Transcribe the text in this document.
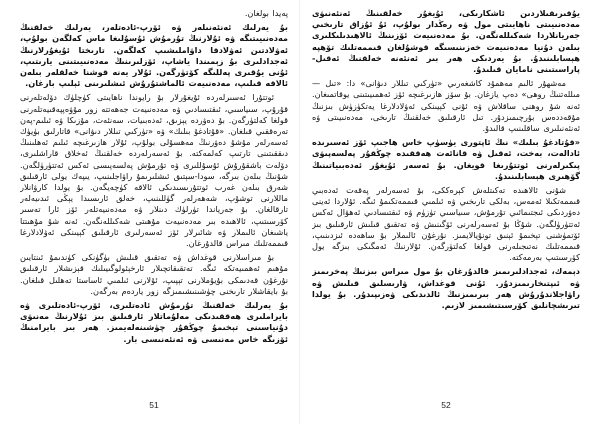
پەيدا بولغان.

بۇ يەرلىك ئەنئەنىلەر ۋە ئۆرپ-ئادەتلەر، يەرلىك خەلقنىڭ مەدەنىيىتىگە ۋە ئۇلارنىڭ تۇرمۇش ئۇسۇلىغا ماس كەلگەن بولۇپ، ئەۋلادتىن ئەۋلادقا داۋاملىشىپ كەلگەن. تارىختا ئۇيغۇرلارنىڭ ئەجدادلىرى بۇ زېمىندا ياشاپ، ئۆزلىرىنىڭ مەدەنىيىتىنى يارىتىپ، ئۇنى يۇقىرى پەللىگە كۆتۈرگەن. ئۇلار يەنە قوشنا خەلقلەر بىلەن ئالاقە قىلىپ، مەدەنىيەت ئالماشتۇرۇش ئىشلىرىنى ئېلىپ بارغان.

ئوتتۇرا ئەسىرلەردە ئۇيغۇرلار بۇ رايوندا ناھايىتى كۈچلۈك دۆلەتلەرنى قۇرۇپ، سىياسىي، ئىقتىسادىي ۋە مەدەنىيەت جەھەتتە زور مۇۋەپپەقىيەتلەرنى قولغا كەلتۈرگەن. بۇ دەۋردە يېزىق، ئەدەبىيات، سەنئەت، مۇزىكا ۋە ئىلىم-پەن تەرەققىي قىلغان. «قۇتادغۇ بىلىك» ۋە «تۈركىي تىللار دىۋانى» قاتارلىق بۈيۈك ئەسەرلەر مۇشۇ دەۋرنىڭ مەھسۇلى بولۇپ، ئۇلار ھازىرغىچە ئىلىم ئەھلىنىڭ دىققىتىنى تارتىپ كەلمەكتە. بۇ ئەسەرلەردە خەلقنىڭ ئەخلاق قاراشلىرى، دۆلەت باشقۇرۇش ئۇسۇللىرى ۋە تۇرمۇش پەلسەپىسى ئەكس ئەتتۈرۈلگەن. شۇنىڭ بىلەن بىرگە، سودا-سېتىق ئىشلىرىمۇ راۋاجلىنىپ، يىپەك يولى ئارقىلىق شەرق بىلەن غەرب ئوتتۇرىسىدىكى ئالاقە كۈچەيگەن. بۇ يولدا كارۋانلار ماللارنى توشۇپ، شەھەرلەر گۈللىنىپ، خەلق ئارىسىدا يېڭى ئىدىيەلەر تارقالغان. بۇ جەرياندا تۈرلۈك دىنلار ۋە مەدەنىيەتلەر ئۆز ئارا تەسىر كۆرسىتىپ، ئالاھىدە بىر مەدەنىيەت مۇھىتى شەكىللەنگەن. ئەنە شۇ مۇھىتتا ياشىغان ئالىملار ۋە شائىرلار ئۆز ئەسەرلىرى ئارقىلىق كېيىنكى ئەۋلادلارغا قىممەتلىك مىراس قالدۇرغان.

بۇ مىراسلارنى قوغداش ۋە تەتقىق قىلىش بۈگۈنكى كۈندىمۇ ئىنتايىن مۇھىم ئەھمىيەتكە ئىگە. تەتقىقاتچىلار ئارخېئولوگىيىلىك قېزىشلار ئارقىلىق نۇرغۇن قەدىمكى بۇيۇملارنى تېپىپ، ئۇلارنى ئىلمىي ئاساستا تەھلىل قىلغان. بۇ بايقاشلار تارىخنى چۈشىنىشىمىزگە زور ياردەم بەرگەن.

بۇ يەرلىك خەلقنىڭ تۇرمۇش ئادەتلىرى، ئۆرپ-ئادەتلىرى ۋە بايراملىرى ھەققىدىكى مەلۇماتلار ئارقىلىق بىز ئۇلارنىڭ مەنىۋى دۇنياسىنى تېخىمۇ چوڭقۇر چۈشىنەلەيمىز. ھەر بىر بايرامنىڭ ئۆزىگە خاس مەنىسى ۋە ئەنئەنىسى بار.

51

يۇقىرىقىلاردىن ئاشكارىكى، ئۇيغۇر خەلقىنىڭ ئەنئەنىۋى مەدەنىيىتى ناھايىتى مول ۋە رەڭدار بولۇپ، ئۇ ئۇزاق تارىخىي جەريانلاردا شەكىللەنگەن. بۇ مەدەنىيەت ئۆزىنىڭ ئالاھىدىلىكلىرى بىلەن دۇنيا مەدەنىيەت خەزىنىسىگە قوشۇلغان قىممەتلىك تۆھپە ھېسابلىنىدۇ. بۇ يەردىكى ھەر بىر ئەنئەنە خەلقنىڭ ئەقىل-پاراسىتىنى نامايان قىلىدۇ.

مەشھۇر ئالىم مەھمۇد كاشغەرىي «تۈركىي تىللار دىۋانى» دا: «تىل — مىللەتنىڭ روھى» دەپ يازغان. بۇ سۆز ھازىرغىچە ئۆز ئەھمىيىتىنى يوقاتمىغان. ئەنە شۇ روھنى ساقلاش ۋە ئۇنى كېيىنكى ئەۋلادلارغا يەتكۈزۈش بىزنىڭ مۇقەددەس بۇرچىمىزدۇر. تىل ئارقىلىق خەلقنىڭ تارىخى، مەدەنىيىتى ۋە ئەنئەنىلىرى ساقلىنىپ قالىدۇ.

«قۇتادغۇ بىلىك» نىڭ ئاپتورى يۈسۈپ خاس ھاجىپ ئۆز ئەسىرىدە ئادالەت، بەخت، ئەقىل ۋە قانائەت ھەققىدە چوڭقۇر پەلسەپىۋى پىكىرلەرنى ئوتتۇرىغا قويغان. بۇ ئەسەر ئۇيغۇر ئەدەبىياتىنىڭ گۆھىرى ھېسابلىنىدۇ.

شۇنى ئالاھىدە تەكىتلەش كېرەككى، بۇ ئەسەرلەر پەقەت ئەدەبىي قىممەتكىلا ئەمەس، بەلكى تارىخىي ۋە ئىلمىي قىممەتكىمۇ ئىگە. ئۇلاردا ئەينى دەۋردىكى ئىجتىمائىي تۇرمۇش، سىياسىي تۈزۈم ۋە ئىقتىسادىي ئەھۋال ئەكس ئەتتۈرۈلگەن. شۇڭا بۇ ئەسەرلەرنى ئۆگىنىش ۋە تەتقىق قىلىش ئارقىلىق بىز ئۆتمۈشنى تېخىمۇ ئېنىق تونۇيالايمىز. نۇرغۇن ئالىملار بۇ ساھەدە ئىزدىنىپ، قىممەتلىك نەتىجىلەرنى قولغا كەلتۈرگەن. ئۇلارنىڭ ئەمگىكى بىزگە يول كۆرسىتىپ بەرمەكتە.

دېمەك، ئەجدادلىرىمىز قالدۇرغان بۇ مول مىراس بىزنىڭ پەخرىمىز ۋە ئىپتىخارىمىزدۇر. ئۇنى قوغداش، ۋارىسلىق قىلىش ۋە راۋاجلاندۇرۇش ھەر بىرىمىزنىڭ ئالدىدىكى ۋەزىپىدۇر. بۇ يولدا تىرىشچانلىق كۆرسىتىشىمىز لازىم.

52
